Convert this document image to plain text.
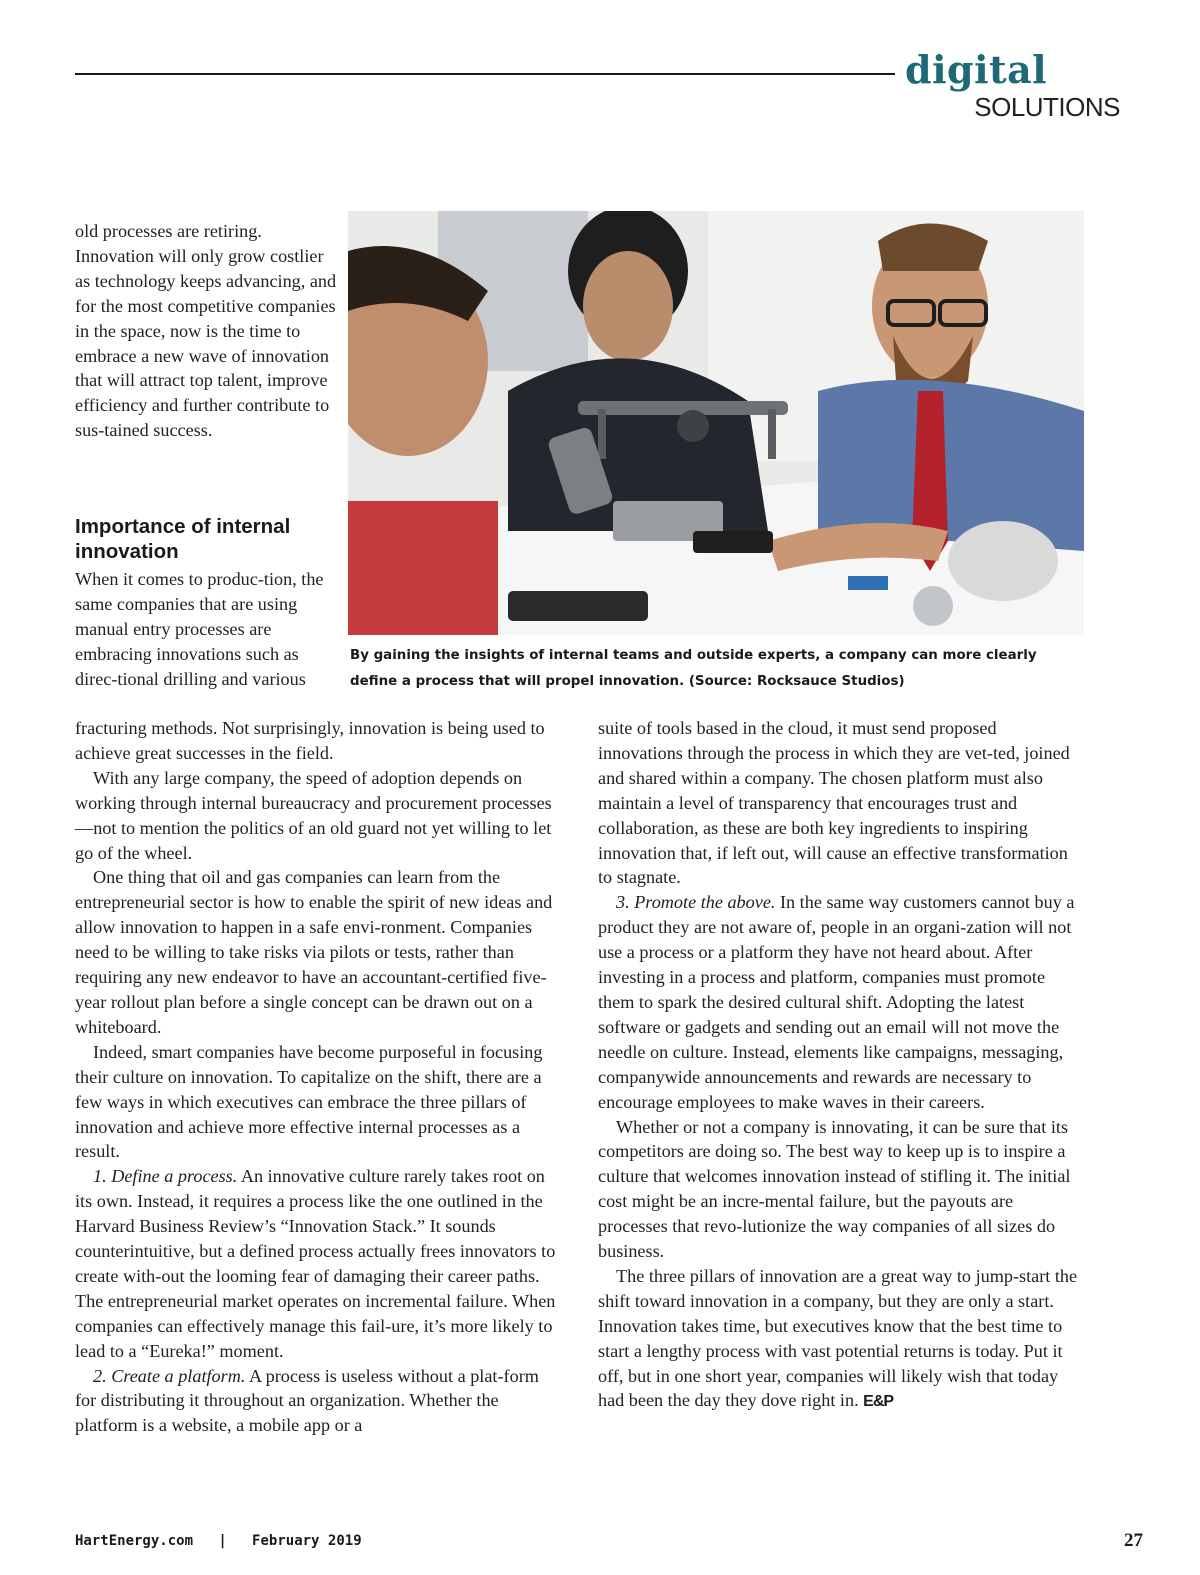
digital
SOLUTIONS

old processes are retiring. Innovation will only grow costlier as technology keeps advancing, and for the most competitive companies in the space, now is the time to embrace a new wave of innovation that will attract top talent, improve efficiency and further contribute to sus-tained success.

Importance of internal innovation

When it comes to produc-tion, the same companies that are using manual entry processes are embracing innovations such as direc-tional drilling and various

fracturing methods. Not surprisingly, innovation is being used to achieve great successes in the field.

With any large company, the speed of adoption depends on working through internal bureaucracy and procurement processes—not to mention the politics of an old guard not yet willing to let go of the wheel.

One thing that oil and gas companies can learn from the entrepreneurial sector is how to enable the spirit of new ideas and allow innovation to happen in a safe envi-ronment. Companies need to be willing to take risks via pilots or tests, rather than requiring any new endeavor to have an accountant-certified five-year rollout plan before a single concept can be drawn out on a whiteboard.

Indeed, smart companies have become purposeful in focusing their culture on innovation. To capitalize on the shift, there are a few ways in which executives can embrace the three pillars of innovation and achieve more effective internal processes as a result.

1. Define a process. An innovative culture rarely takes root on its own. Instead, it requires a process like the one outlined in the Harvard Business Review’s “Innovation Stack.” It sounds counterintuitive, but a defined process actually frees innovators to create with-out the looming fear of damaging their career paths. The entrepreneurial market operates on incremental failure. When companies can effectively manage this fail-ure, it’s more likely to lead to a “Eureka!” moment.

2. Create a platform. A process is useless without a plat-form for distributing it throughout an organization. Whether the platform is a website, a mobile app or a

suite of tools based in the cloud, it must send proposed innovations through the process in which they are vet-ted, joined and shared within a company. The chosen platform must also maintain a level of transparency that encourages trust and collaboration, as these are both key ingredients to inspiring innovation that, if left out, will cause an effective transformation to stagnate.

3. Promote the above. In the same way customers cannot buy a product they are not aware of, people in an organi-zation will not use a process or a platform they have not heard about. After investing in a process and platform, companies must promote them to spark the desired cultural shift. Adopting the latest software or gadgets and sending out an email will not move the needle on culture. Instead, elements like campaigns, messaging, companywide announcements and rewards are necessary to encourage employees to make waves in their careers.

Whether or not a company is innovating, it can be sure that its competitors are doing so. The best way to keep up is to inspire a culture that welcomes innovation instead of stifling it. The initial cost might be an incre-mental failure, but the payouts are processes that revo-lutionize the way companies of all sizes do business.

The three pillars of innovation are a great way to jump-start the shift toward innovation in a company, but they are only a start. Innovation takes time, but executives know that the best time to start a lengthy process with vast potential returns is today. Put it off, but in one short year, companies will likely wish that today had been the day they dove right in. E&P

By gaining the insights of internal teams and outside experts, a company can more clearly define a process that will propel innovation. (Source: Rocksauce Studios)

HartEnergy.com | February 2019	27
